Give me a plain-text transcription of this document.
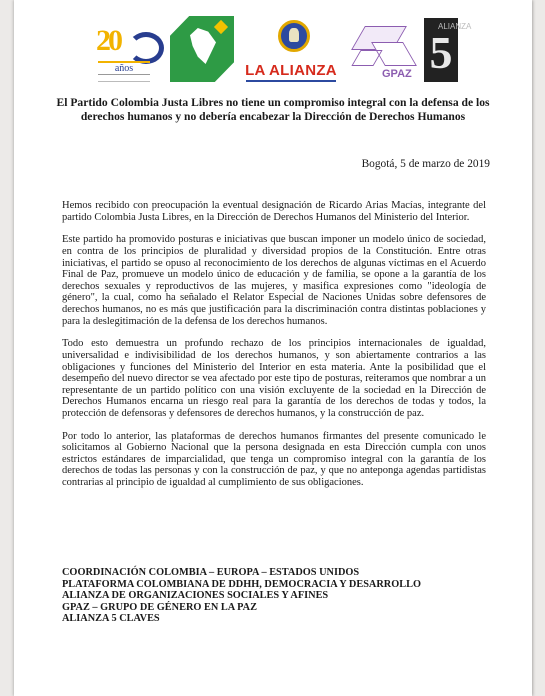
20
años	LA ALIANZA	GPAZ
ALIANZA
5
El Partido Colombia Justa Libres no tiene un compromiso integral con la defensa de los derechos humanos y no debería encabezar la Dirección de Derechos Humanos
Bogotá, 5 de marzo de 2019

Hemos recibido con preocupación la eventual designación de Ricardo Arias Macías, integrante del partido Colombia Justa Libres, en la Dirección de Derechos Humanos del Ministerio del Interior.

Este partido ha promovido posturas e iniciativas que buscan imponer un modelo único de sociedad, en contra de los principios de pluralidad y diversidad propios de la Constitución. Entre otras iniciativas, el partido se opuso al reconocimiento de los derechos de algunas víctimas en el Acuerdo Final de Paz, promueve un modelo único de educación y de familia, se opone a la garantía de los derechos sexuales y reproductivos de las mujeres, y masifica expresiones como "ideología de género", la cual, como ha señalado el Relator Especial de Naciones Unidas sobre defensores de derechos humanos, no es más que justificación para la discriminación contra distintas poblaciones y para la deslegitimación de la defensa de los derechos humanos.

Todo esto demuestra un profundo rechazo de los principios internacionales de igualdad, universalidad e indivisibilidad de los derechos humanos, y son abiertamente contrarios a las obligaciones y funciones del Ministerio del Interior en esta materia. Ante la posibilidad que el desempeño del nuevo director se vea afectado por este tipo de posturas, reiteramos que nombrar a un representante de un partido político con una visión excluyente de la sociedad en la Dirección de Derechos Humanos encarna un riesgo real para la garantía de los derechos de todas y todos, la protección de defensoras y defensores de derechos humanos, y la construcción de paz.

Por todo lo anterior, las plataformas de derechos humanos firmantes del presente comunicado le solicitamos al Gobierno Nacional que la persona designada en esta Dirección cumpla con unos estrictos estándares de imparcialidad, que tenga un compromiso integral con la garantía de los derechos de todas las personas y con la construcción de paz, y que no anteponga agendas partidistas contrarias al principio de igualdad al cumplimiento de sus obligaciones.

COORDINACIÓN COLOMBIA – EUROPA – ESTADOS UNIDOS
PLATAFORMA COLOMBIANA DE DDHH, DEMOCRACIA Y DESARROLLO
ALIANZA DE ORGANIZACIONES SOCIALES Y AFINES
GPAZ – GRUPO DE GÉNERO EN LA PAZ
ALIANZA 5 CLAVES
